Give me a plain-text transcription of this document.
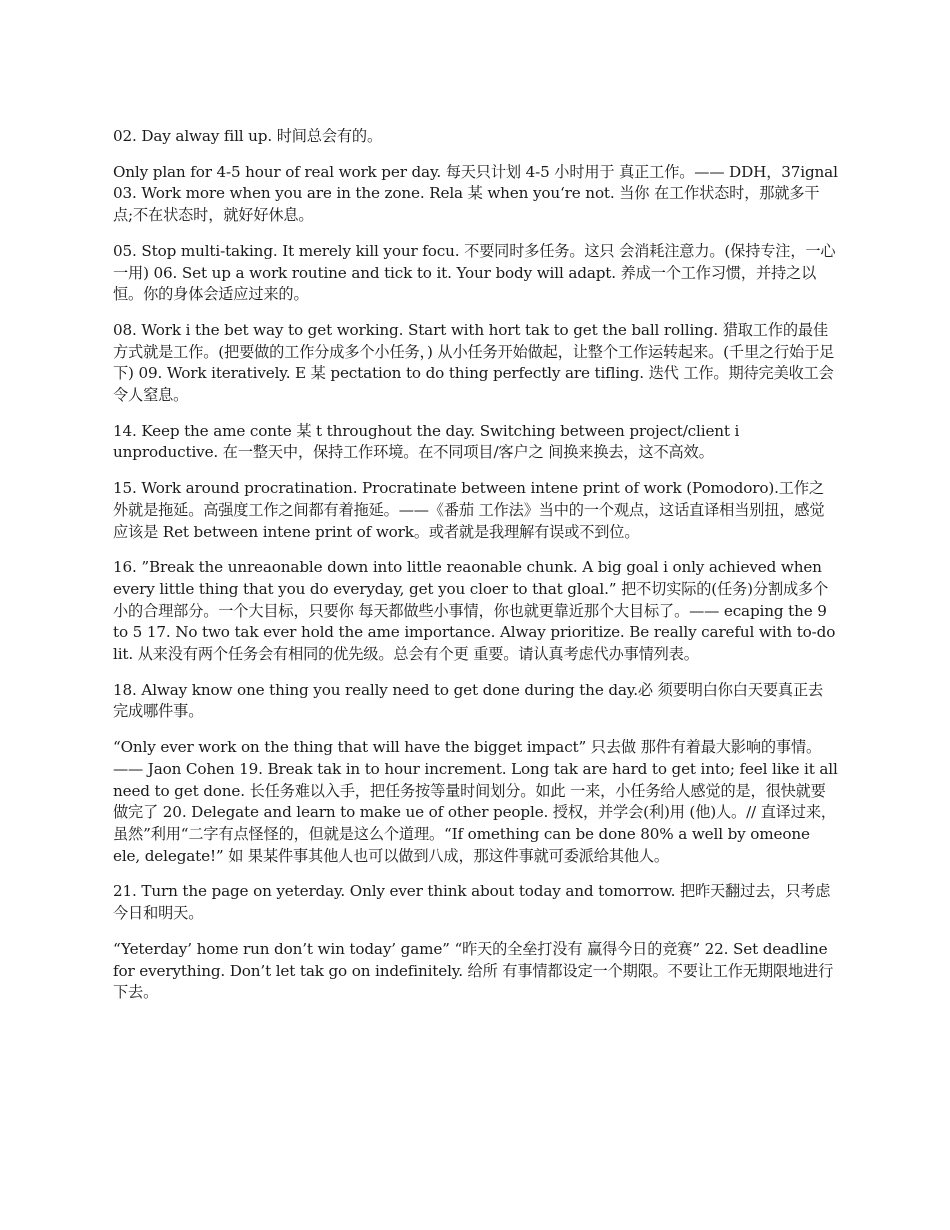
02. Day alway fill up. 时间总会有的。

Only plan for 4-5 hour of real work per day. 每天只计划 4-5 小时用于 真正工作。—— DDH，37ignal 03. Work more when you are in the zone. Rela 某 when you‘re not. 当你 在工作状态时，那就多干点;不在状态时，就好好休息。

05. Stop multi-taking. It merely kill your focu. 不要同时多任务。这只 会消耗注意力。(保持专注，一心一用) 06. Set up a work routine and tick to it. Your body will adapt. 养成一个工作习惯，并持之以恒。你的身体会适应过来的。

08. Work i the bet way to get working. Start with hort tak to get the ball rolling. 猎取工作的最佳方式就是工作。(把要做的工作分成多个小任务，) 从小任务开始做起，让整个工作运转起来。(千里之行始于足下) 09. Work iteratively. E 某 pectation to do thing perfectly are tifling. 迭代 工作。期待完美收工会令人窒息。

14. Keep the ame conte 某 t throughout the day. Switching between project/client i unproductive. 在一整天中，保持工作环境。在不同项目/客户之 间换来换去，这不高效。

15. Work around procratination. Procratinate between intene print of work (Pomodoro).工作之外就是拖延。高强度工作之间都有着拖延。——《番茄 工作法》当中的一个观点，这话直译相当别扭，感觉应该是 Ret between intene print of work。或者就是我理解有误或不到位。

16. ”Break the unreaonable down into little reaonable chunk. A big goal i only achieved when every little thing that you do everyday, get you cloer to that gloal.” 把不切实际的(任务)分割成多个小的合理部分。一个大目标，只要你 每天都做些小事情，你也就更靠近那个大目标了。—— ecaping the 9 to 5 17. No two tak ever hold the ame importance. Alway prioritize. Be really careful with to-do lit. 从来没有两个任务会有相同的优先级。总会有个更 重要。请认真考虑代办事情列表。

18. Alway know one thing you really need to get done during the day.必 须要明白你白天要真正去完成哪件事。

“Only ever work on the thing that will have the bigget impact” 只去做 那件有着最大影响的事情。—— Jaon Cohen 19. Break tak in to hour increment. Long tak are hard to get into; feel like it all need to get done. 长任务难以入手，把任务按等量时间划分。如此 一来，小任务给人感觉的是，很快就要做完了 20. Delegate and learn to make ue of other people. 授权，并学会(利)用 (他)人。// 直译过来，虽然”利用“二字有点怪怪的，但就是这么个道理。“If omething can be done 80% a well by omeone ele, delegate!” 如 果某件事其他人也可以做到八成，那这件事就可委派给其他人。

21. Turn the page on yeterday. Only ever think about today and tomorrow. 把昨天翻过去，只考虑今日和明天。

“Yeterday’ home run don’t win today’ game” “昨天的全垒打没有 赢得今日的竞赛” 22. Set deadline for everything. Don’t let tak go on indefinitely. 给所 有事情都设定一个期限。不要让工作无期限地进行下去。
